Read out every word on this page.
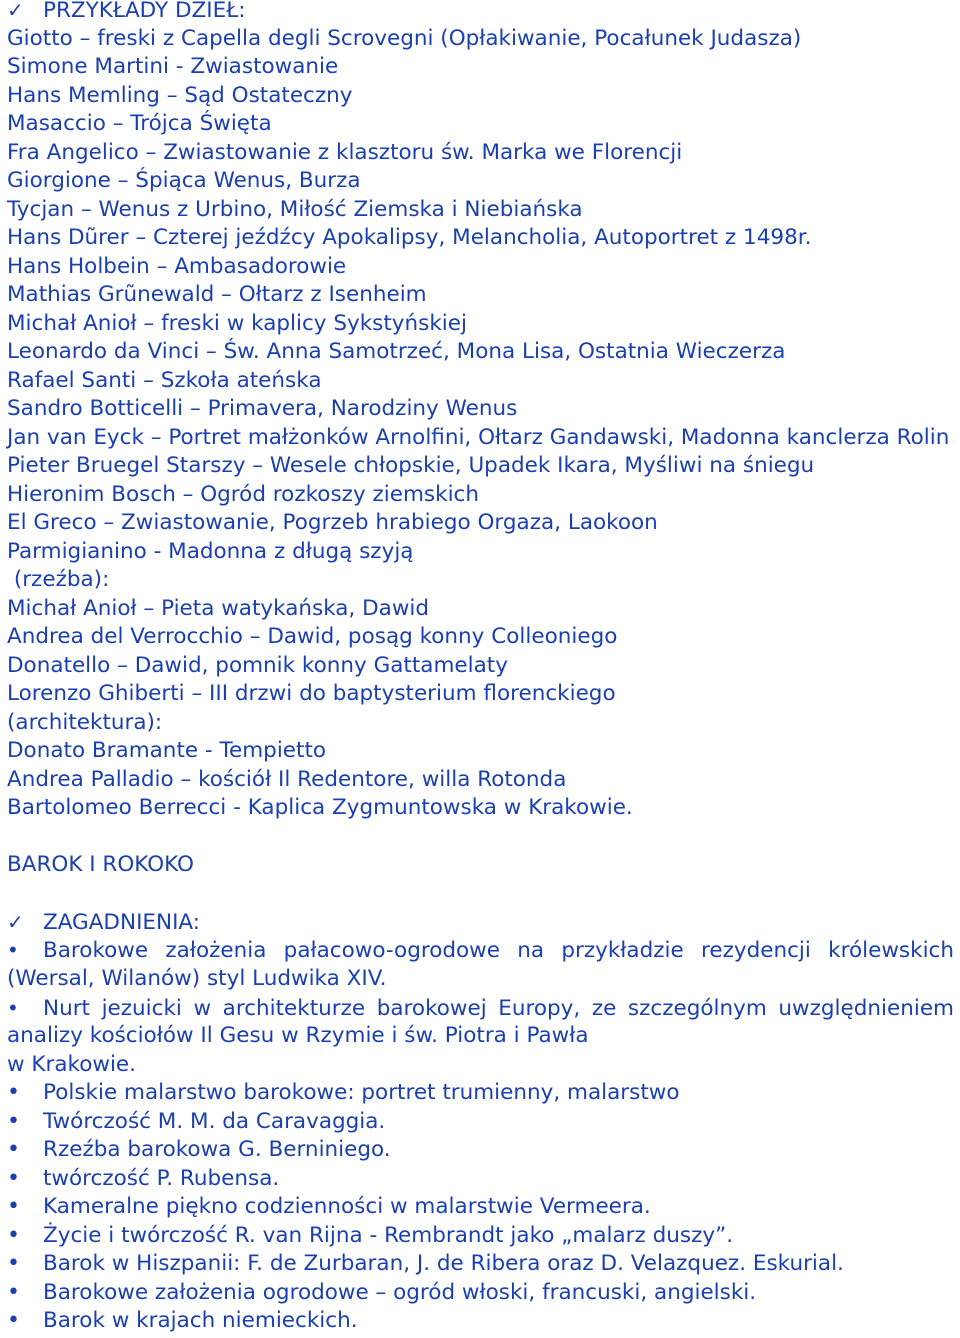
✓ PRZYKŁADY DZIEŁ:
Giotto – freski z Capella degli Scrovegni (Opłakiwanie, Pocałunek Judasza)
Simone Martini - Zwiastowanie
Hans Memling – Sąd Ostateczny
Masaccio – Trójca Święta
Fra Angelico – Zwiastowanie z klasztoru św. Marka we Florencji
Giorgione – Śpiąca Wenus, Burza
Tycjan – Wenus z Urbino, Miłość Ziemska i Niebiańska
Hans Dũrer – Czterej jeźdźcy Apokalipsy, Melancholia, Autoportret z 1498r.
Hans Holbein – Ambasadorowie
Mathias Grũnewald – Ołtarz z Isenheim
Michał Anioł – freski w kaplicy Sykstyńskiej
Leonardo da Vinci – Św. Anna Samotrzeć, Mona Lisa, Ostatnia Wieczerza
Rafael Santi – Szkoła ateńska
Sandro Botticelli – Primavera, Narodziny Wenus
Jan van Eyck – Portret małżonków Arnolfini, Ołtarz Gandawski, Madonna kanclerza Rolin
Pieter Bruegel Starszy – Wesele chłopskie, Upadek Ikara, Myśliwi na śniegu
Hieronim Bosch – Ogród rozkoszy ziemskich
El Greco – Zwiastowanie, Pogrzeb hrabiego Orgaza, Laokoon
Parmigianino - Madonna z długą szyją
(rzeźba):
Michał Anioł – Pieta watykańska, Dawid
Andrea del Verrocchio – Dawid, posąg konny Colleoniego
Donatello – Dawid, pomnik konny Gattamelaty
Lorenzo Ghiberti – III drzwi do baptysterium florenckiego
(architektura):
Donato Bramante - Tempietto
Andrea Palladio – kościół Il Redentore, willa Rotonda
Bartolomeo Berrecci - Kaplica Zygmuntowska w Krakowie.
BAROK I ROKOKO
✓ ZAGADNIENIA:
• Barokowe założenia pałacowo-ogrodowe na przykładzie rezydencji królewskich
(Wersal, Wilanów) styl Ludwika XIV.
• Nurt jezuicki w architekturze barokowej Europy, ze szczególnym uwzględnieniem
analizy kościołów Il Gesu w Rzymie i św. Piotra i Pawła
w Krakowie.
• Polskie malarstwo barokowe: portret trumienny, malarstwo
• Twórczość M. M. da Caravaggia.
• Rzeźba barokowa G. Berniniego.
• twórczość P. Rubensa.
• Kameralne piękno codzienności w malarstwie Vermeera.
• Życie i twórczość R. van Rijna - Rembrandt jako „malarz duszy”.
• Barok w Hiszpanii: F. de Zurbaran, J. de Ribera oraz D. Velazquez. Eskurial.
• Barokowe założenia ogrodowe – ogród włoski, francuski, angielski.
• Barok w krajach niemieckich.
